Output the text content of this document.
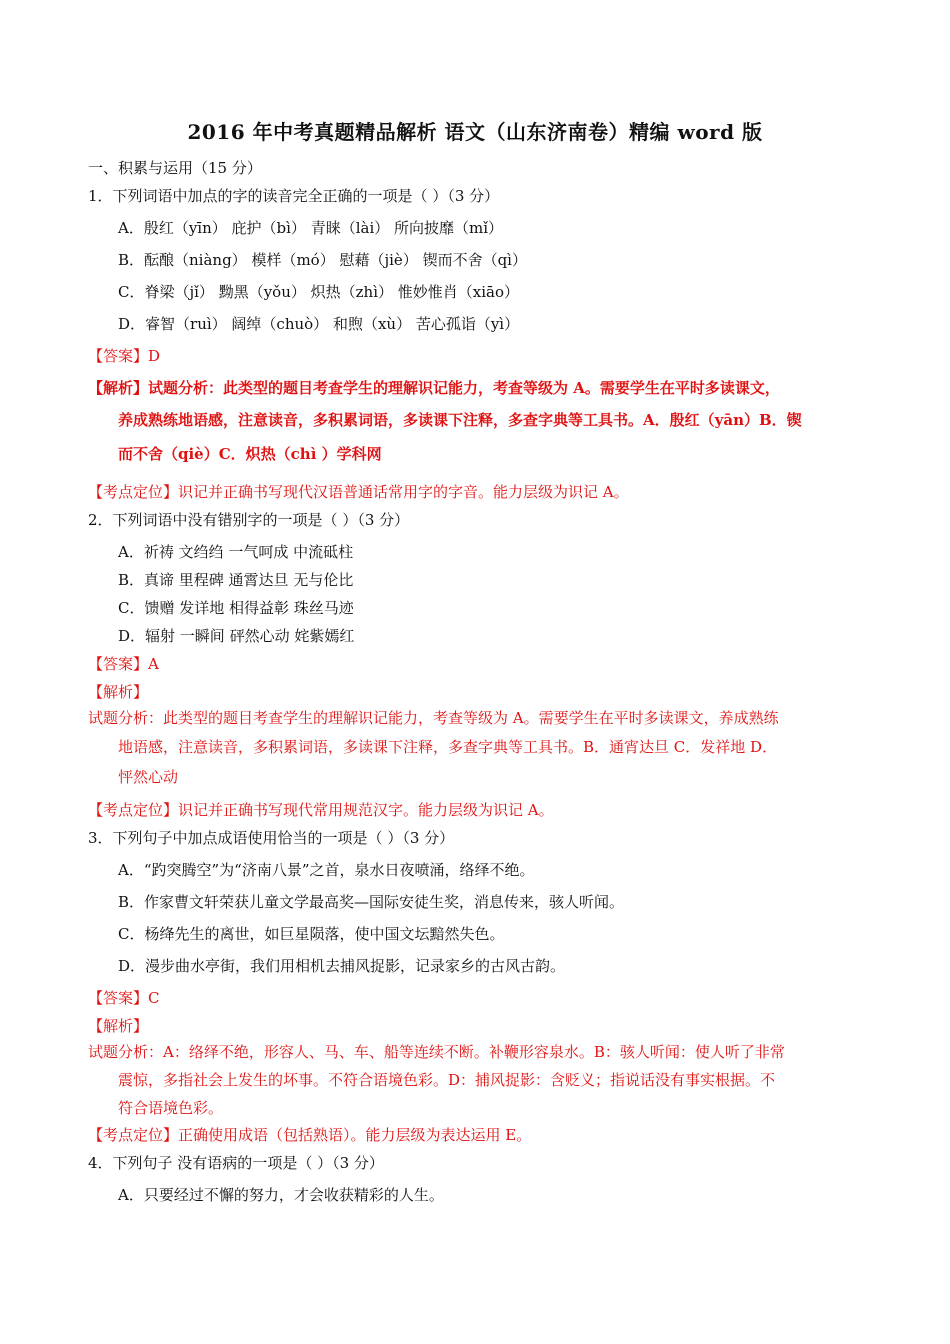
2016 年中考真题精品解析 语文（山东济南卷）精编 word 版
一、积累与运用（15 分）
1．下列词语中加点的字的读音完全正确的一项是（ ）（3 分）
A．殷红（yīn） 庇护（bì） 青睐（lài） 所向披靡（mǐ）
B．酝酿（niàng） 模样（mó） 慰藉（jiè） 锲而不舍（qì）
C．脊梁（jǐ） 黝黑（yǒu） 炽热（zhì） 惟妙惟肖（xiāo）
D．睿智（ruì） 阔绰（chuò） 和煦（xù） 苦心孤诣（yì）
【答案】D
【解析】试题分析：此类型的题目考查学生的理解识记能力，考查等级为 A。需要学生在平时多读课文，
养成熟练地语感，注意读音，多积累词语，多读课下注释，多查字典等工具书。A．殷红（yān）B．锲
而不舍（qiè）C．炽热（chì ）学科网
【考点定位】识记并正确书写现代汉语普通话常用字的字音。能力层级为识记 A。
2．下列词语中没有错别字的一项是（ ）（3 分）
A．祈祷 文绉绉 一气呵成 中流砥柱
B．真谛 里程碑 通霄达旦 无与伦比
C．馈赠 发详地 相得益彰 珠丝马迹
D．辐射 一瞬间 砰然心动 姹紫嫣红
【答案】A
【解析】
试题分析：此类型的题目考查学生的理解识记能力，考查等级为 A。需要学生在平时多读课文，养成熟练
地语感，注意读音，多积累词语，多读课下注释，多查字典等工具书。B．通宵达旦 C．发祥地 D．
怦然心动
【考点定位】识记并正确书写现代常用规范汉字。能力层级为识记 A。
3．下列句子中加点成语使用恰当的一项是（ ）（3 分）
A．“趵突腾空”为“济南八景”之首，泉水日夜喷涌，络绎不绝。
B．作家曹文轩荣获儿童文学最高奖—国际安徒生奖，消息传来，骇人听闻。
C．杨绛先生的离世，如巨星陨落，使中国文坛黯然失色。
D．漫步曲水亭街，我们用相机去捕风捉影，记录家乡的古风古韵。
【答案】C
【解析】
试题分析：A：络绎不绝，形容人、马、车、船等连续不断。补鞭形容泉水。B：骇人听闻：使人听了非常
震惊，多指社会上发生的坏事。不符合语境色彩。D：捕风捉影：含贬义；指说话没有事实根据。不
符合语境色彩。
【考点定位】正确使用成语（包括熟语）。能力层级为表达运用 E。
4．下列句子 没有语病的一项是（ ）（3 分）
A．只要经过不懈的努力，才会收获精彩的人生。
